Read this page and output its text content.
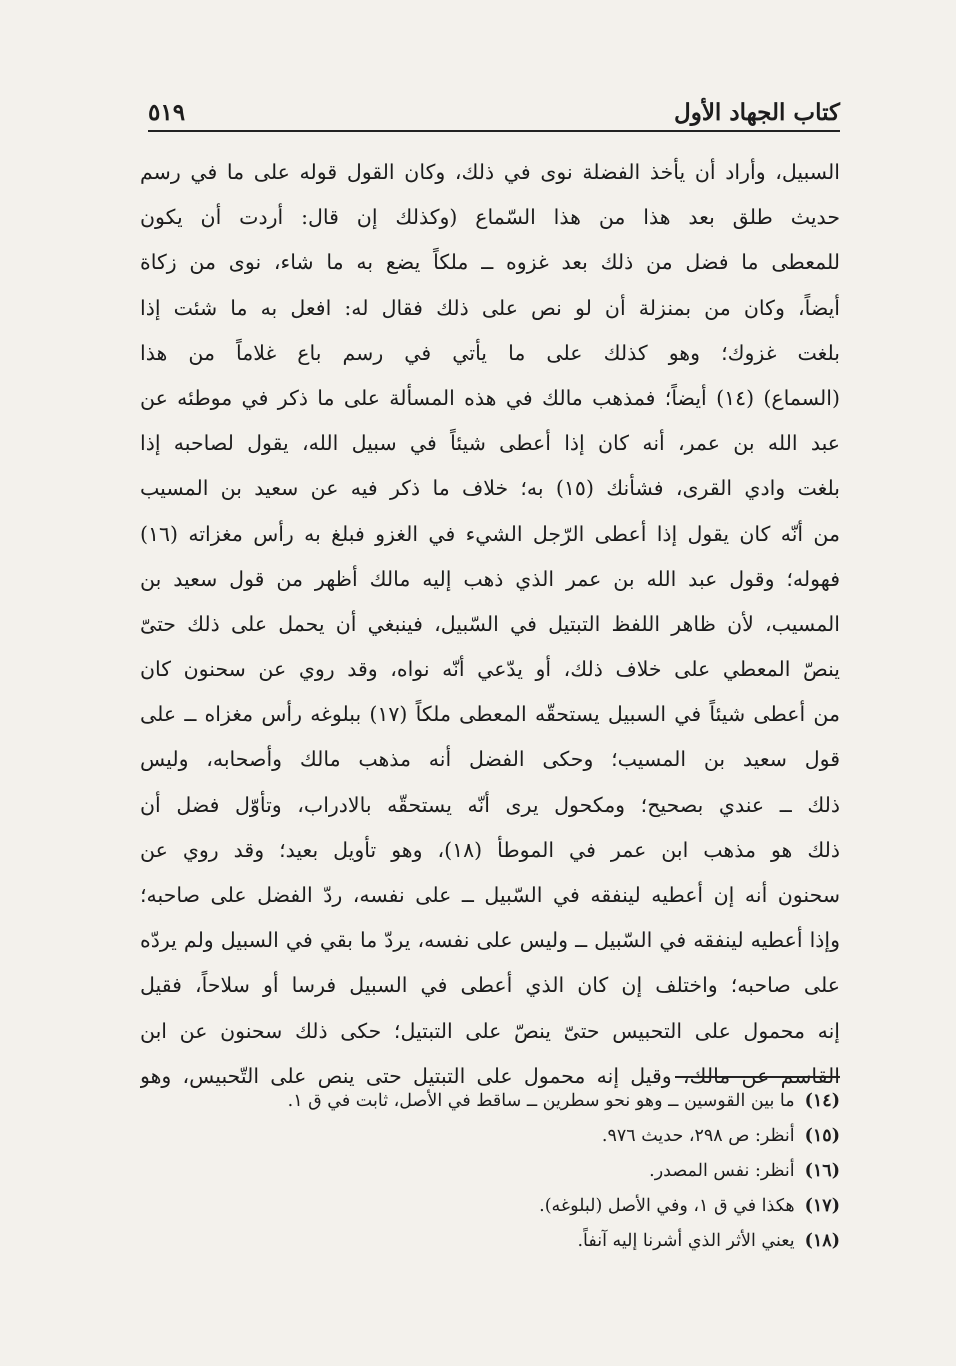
كتاب الجهاد الأول
٥١٩
السبيل، وأراد أن يأخذ الفضلة نوى في ذلك، وكان القول قوله على ما في رسم
حديث طلق بعد هذا من هذا السّماع (وكذلك إن قال: أردت أن يكون
للمعطى ما فضل من ذلك بعد غزوه ــ ملكاً يضع به ما شاء، نوى من زكاة
أيضاً، وكان من بمنزلة أن لو نص على ذلك فقال له: افعل به ما شئت إذا
بلغت غزوك؛ وهو كذلك على ما يأتي في رسم باع غلاماً من هذا
(السماع) (١٤) أيضاً؛ فمذهب مالك في هذه المسألة على ما ذكر في موطئه عن
عبد الله بن عمر، أنه كان إذا أعطى شيئاً في سبيل الله، يقول لصاحبه إذا
بلغت وادي القرى، فشأنك (١٥) به؛ خلاف ما ذكر فيه عن سعيد بن المسيب
من أنّه كان يقول إذا أعطى الرّجل الشيء في الغزو فبلغ به رأس مغزاته (١٦)
فهوله؛ وقول عبد الله بن عمر الذي ذهب إليه مالك أظهر من قول سعيد بن
المسيب، لأن ظاهر اللفظ التبتيل في السّبيل، فينبغي أن يحمل على ذلك حتىّ
ينصّ المعطي على خلاف ذلك، أو يدّعي أنّه نواه، وقد روي عن سحنون كان
من أعطى شيئاً في السبيل يستحقّه المعطى ملكاً (١٧) ببلوغه رأس مغزاه ــ على
قول سعيد بن المسيب؛ وحكى الفضل أنه مذهب مالك وأصحابه، وليس
ذلك ــ عندي بصحيح؛ ومكحول يرى أنّه يستحقّه بالادراب، وتأوّل فضل أن
ذلك هو مذهب ابن عمر في الموطأ (١٨)، وهو تأويل بعيد؛ وقد روي عن
سحنون أنه إن أعطيه لينفقه في السّبيل ــ على نفسه، ردّ الفضل على صاحبه؛
وإذا أعطيه لينفقه في السّبيل ــ وليس على نفسه، يردّ ما بقي في السبيل ولم يردّه
على صاحبه؛ واختلف إن كان الذي أعطى في السبيل فرسا أو سلاحاً، فقيل
إنه محمول على التحبيس حتىّ ينصّ على التبتيل؛ حكى ذلك سحنون عن ابن
القاسم عن مالك، وقيل إنه محمول على التبتيل حتى ينص على التّحبيس، وهو
(١٤)
ما بين القوسين ــ وهو نحو سطرين ــ ساقط في الأصل، ثابت في ق ١.
(١٥)
أنظر: ص ٢٩٨، حديث ٩٧٦.
(١٦)
أنظر: نفس المصدر.
(١٧)
هكذا في ق ١، وفي الأصل (لبلوغه).
(١٨)
يعني الأثر الذي أشرنا إليه آنفاً.
